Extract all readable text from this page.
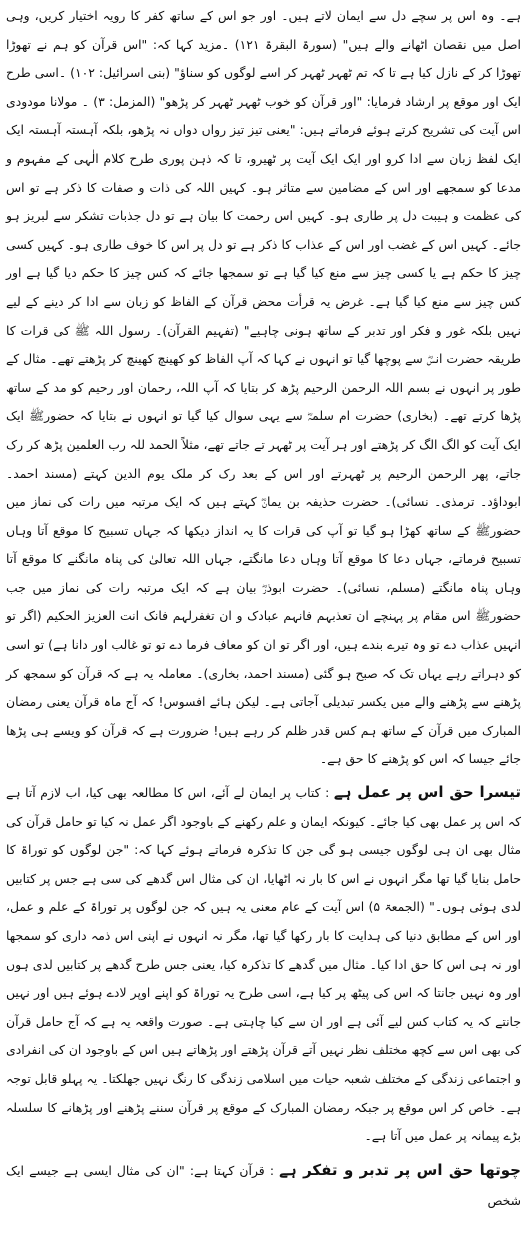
ہے۔ وہ اس پر سچے دل سے ایمان لاتے ہیں۔ اور جو اس کے ساتھ کفر کا رویہ اختیار کریں، وہی اصل میں نقصان اٹھانے والے ہیں" (سورۃ البقرۃ ۱۲۱) ۔مزید کہا کہ: "اس قرآن کو ہم نے تھوڑا تھوڑا کر کے نازل کیا ہے تا کہ تم ٹھہر ٹھہر کر اسے لوگوں کو سناؤ" (بنی اسرائیل: ۱۰۲) ۔اسی طرح ایک اور موقع پر ارشاد فرمایا: "اور قرآن کو خوب ٹھہر ٹھہر کر پڑھو" (المزمل: ۳) ۔ مولانا مودودی اس آیت کی تشریح کرتے ہوئے فرماتے ہیں: "یعنی تیز تیز رواں دواں نہ پڑھو، بلکہ آہستہ آہستہ ایک ایک لفظ زبان سے ادا کرو اور ایک ایک آیت پر ٹھیرو، تا کہ ذہن پوری طرح کلام الٰہی کے مفہوم و مدعا کو سمجھے اور اس کے مضامین سے متاثر ہو۔ کہیں اللہ کی ذات و صفات کا ذکر ہے تو اس کی عظمت و ہیبت دل پر طاری ہو۔ کہیں اس رحمت کا بیان ہے تو دل جذبات تشکر سے لبریز ہو جائے۔ کہیں اس کے غضب اور اس کے عذاب کا ذکر ہے تو دل پر اس کا خوف طاری ہو۔ کہیں کسی چیز کا حکم ہے یا کسی چیز سے منع کیا گیا ہے تو سمجھا جائے کہ کس چیز کا حکم دیا گیا ہے اور کس چیز سے منع کیا گیا ہے۔ غرض یہ قرأت محض قرآن کے الفاظ کو زبان سے ادا کر دینے کے لیے نہیں بلکہ غور و فکر اور تدبر کے ساتھ ہونی چاہیے" (تفہیم القرآن)۔ رسول اللہ ﷺ کی قرات کا طریقہ حضرت انسؓ سے پوچھا گیا تو انہوں نے کہا کہ آپ الفاظ کو کھینچ کھینچ کر پڑھتے تھے۔ مثال کے طور پر انہوں نے بسم اللہ الرحمن الرحیم پڑھ کر بتایا کہ آپ اللہ، رحمان اور رحیم کو مد کے ساتھ پڑھا کرتے تھے۔ (بخاری) حضرت ام سلمہؓ سے یہی سوال کیا گیا تو انہوں نے بتایا کہ حضورﷺ ایک ایک آیت کو الگ الگ کر پڑھتے اور ہر آیت پر ٹھہر تے جاتے تھے، مثلاً الحمد للہ رب العلمین پڑھ کر رک جاتے، پھر الرحمن الرحیم پر ٹھہرتے اور اس کے بعد رک کر ملک یوم الدین کہتے (مسند احمد۔ ابوداؤد۔ ترمذی۔ نسائی)۔ حضرت حذیفہ بن یمانؓ کہتے ہیں کہ ایک مرتبہ میں رات کی نماز میں حضورﷺ کے ساتھ کھڑا ہو گیا تو آپ کی قرات کا یہ انداز دیکھا کہ جہاں تسبیح کا موقع آتا وہاں تسبیح فرماتے، جہاں دعا کا موقع آتا وہاں دعا مانگتے، جہاں اللہ تعالیٰ کی پناہ مانگنے کا موقع آتا وہاں پناہ مانگتے (مسلم، نسائی)۔ حضرت ابوذرؓ بیان ہے کہ ایک مرتبہ رات کی نماز میں جب حضورﷺ اس مقام پر پہنچے ان تعذبہم فانہم عبادک و ان تغفرلہم فانک انت العزیز الحکیم (اگر تو انہیں عذاب دے تو وہ تیرے بندے ہیں، اور اگر تو ان کو معاف فرما دے تو تو غالب اور دانا ہے) تو اسی کو دہراتے رہے یہاں تک کہ صبح ہو گئی (مسند احمد، بخاری)۔ معاملہ یہ ہے کہ قرآن کو سمجھ کر پڑھنے سے پڑھنے والے میں یکسر تبدیلی آجاتی ہے۔ لیکن ہائے افسوس! کہ آج ماہ قرآن یعنی رمضان المبارک میں قرآن کے ساتھ ہم کس قدر ظلم کر رہے ہیں! ضرورت ہے کہ قرآن کو ویسے ہی پڑھا جائے جیسا کہ اس کو پڑھنے کا حق ہے۔

تیسرا حق اس پر عمل ہے : کتاب پر ایمان لے آئے، اس کا مطالعہ بھی کیا، اب لازم آتا ہے کہ اس پر عمل بھی کیا جائے۔ کیونکہ ایمان و علم رکھنے کے باوجود اگر عمل نہ کیا تو حامل قرآن کی مثال بھی ان ہی لوگوں جیسی ہو گی جن کا تذکرہ فرماتے ہوئے کہا کہ: "جن لوگوں کو توراۃ کا حامل بنایا گیا تھا مگر انہوں نے اس کا بار نہ اٹھایا، ان کی مثال اس گدھے کی سی ہے جس پر کتابیں لدی ہوئی ہوں۔" (الجمعۃ ۵) اس آیت کے عام معنی یہ ہیں کہ جن لوگوں پر توراۃ کے علم و عمل، اور اس کے مطابق دنیا کی ہدایت کا بار رکھا گیا تھا، مگر نہ انہوں نے اپنی اس ذمہ داری کو سمجھا اور نہ ہی اس کا حق ادا کیا۔ مثال میں گدھے کا تذکرہ کیا، یعنی جس طرح گدھے پر کتابیں لدی ہوں اور وہ نہیں جانتا کہ اس کی پیٹھ پر کیا ہے، اسی طرح یہ توراۃ کو اپنے اوپر لادے ہوئے ہیں اور نہیں جانتے کہ یہ کتاب کس لیے آئی ہے اور ان سے کیا چاہتی ہے۔ صورت واقعہ یہ ہے کہ آج حامل قرآن کی بھی اس سے کچھ مختلف نظر نہیں آتے قرآن پڑھتے اور پڑھاتے ہیں اس کے باوجود ان کی انفرادی و اجتماعی زندگی کے مختلف شعبہ حیات میں اسلامی زندگی کا رنگ نہیں جھلکتا۔ یہ پہلو قابل توجہ ہے۔ خاص کر اس موقع پر جبکہ رمضان المبارک کے موقع پر قرآن سننے پڑھنے اور پڑھانے کا سلسلہ بڑے پیمانہ پر عمل میں آتا ہے۔

چوتھا حق اس پر تدبر و تفکر ہے : قرآن کہتا ہے: "ان کی مثال ایسی ہے جیسے ایک شخص
